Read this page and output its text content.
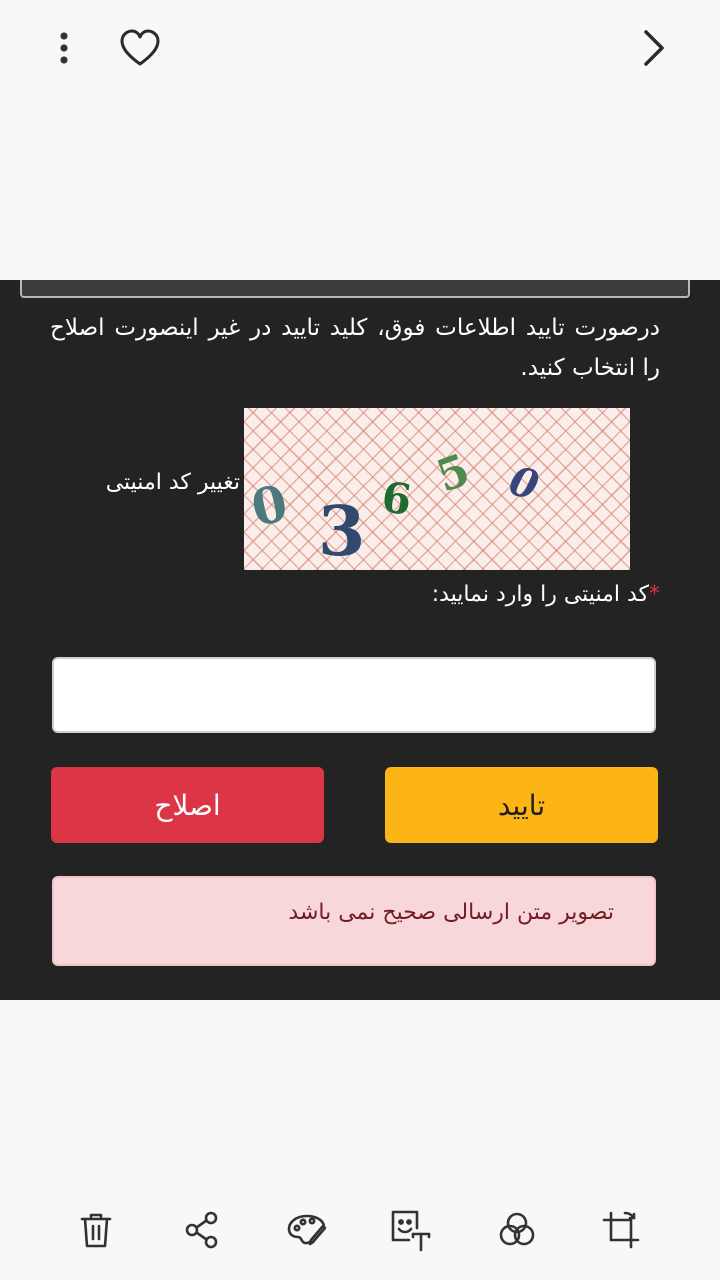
درصورت تایید اطلاعات فوق، کلید تایید در غیر اینصورت اصلاح را انتخاب کنید.
0 3 6 5 0
تغییر کد امنیتی
*کد امنیتی را وارد نمایید:
اصلاح	تایید
تصویر متن ارسالی صحیح نمی باشد
